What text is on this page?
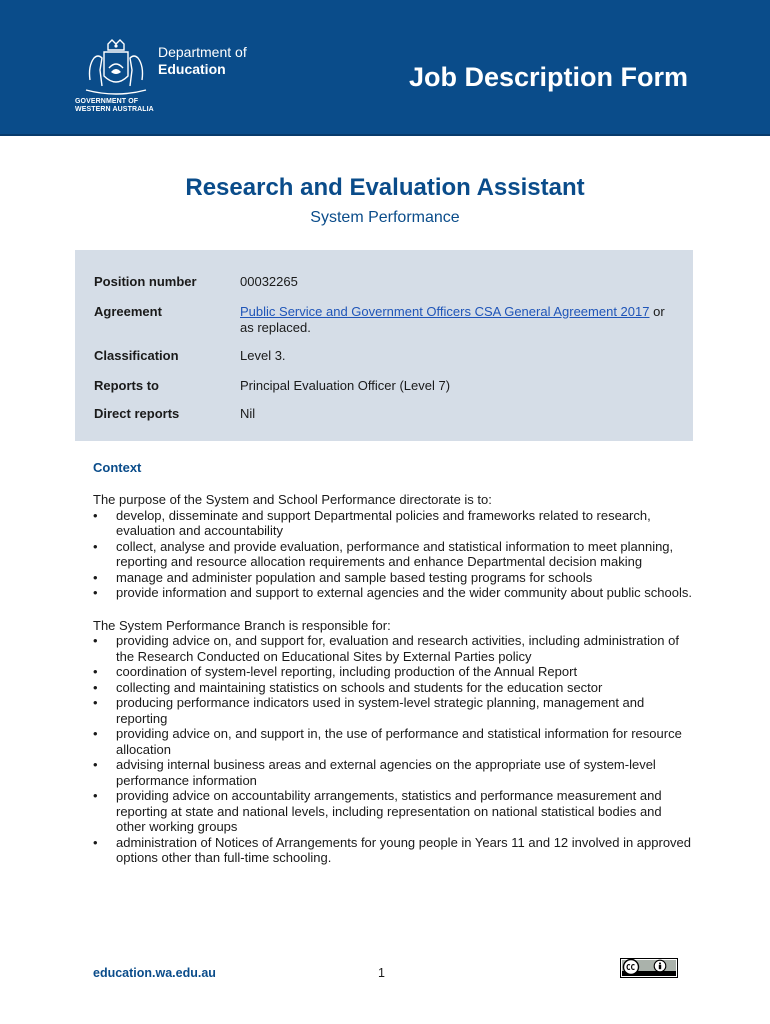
Department of
Education
GOVERNMENT OF
WESTERN AUSTRALIA
Job Description Form
Research and Evaluation Assistant
System Performance
Position number	00032265
Agreement	Public Service and Government Officers CSA General Agreement 2017 or as replaced.
Classification	Level 3.
Reports to	Principal Evaluation Officer (Level 7)
Direct reports	Nil
Context

The purpose of the System and School Performance directorate is to:

• develop, disseminate and support Departmental policies and frameworks related to research, evaluation and accountability
• collect, analyse and provide evaluation, performance and statistical information to meet planning, reporting and resource allocation requirements and enhance Departmental decision making
• manage and administer population and sample based testing programs for schools
• provide information and support to external agencies and the wider community about public schools.

The System Performance Branch is responsible for:

• providing advice on, and support for, evaluation and research activities, including administration of the Research Conducted on Educational Sites by External Parties policy
• coordination of system-level reporting, including production of the Annual Report
• collecting and maintaining statistics on schools and students for the education sector
• producing performance indicators used in system-level strategic planning, management and reporting
• providing advice on, and support in, the use of performance and statistical information for resource allocation
• advising internal business areas and external agencies on the appropriate use of system-level performance information
• providing advice on accountability arrangements, statistics and performance measurement and reporting at state and national levels, including representation on national statistical bodies and other working groups
• administration of Notices of Arrangements for young people in Years 11 and 12 involved in approved options other than full-time schooling.
education.wa.edu.au	1
